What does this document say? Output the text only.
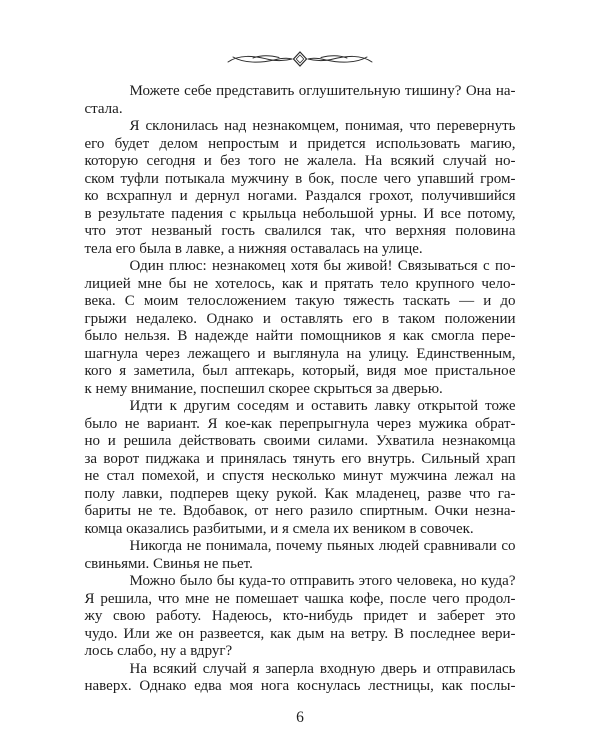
Можете себе представить оглушительную тишину? Она на-
стала.

Я склонилась над незнакомцем, понимая, что перевернуть
его будет делом непростым и придется использовать магию,
которую сегодня и без того не жалела. На всякий случай но-
ском туфли потыкала мужчину в бок, после чего упавший гром-
ко всхрапнул и дернул ногами. Раздался грохот, получившийся
в результате падения с крыльца небольшой урны. И все потому,
что этот незваный гость свалился так, что верхняя половина
тела его была в лавке, а нижняя оставалась на улице.

Один плюс: незнакомец хотя бы живой! Связываться с по-
лицией мне бы не хотелось, как и прятать тело крупного чело-
века. С моим телосложением такую тяжесть таскать — и до
грыжи недалеко. Однако и оставлять его в таком положении
было нельзя. В надежде найти помощников я как смогла пере-
шагнула через лежащего и выглянула на улицу. Единственным,
кого я заметила, был аптекарь, который, видя мое пристальное
к нему внимание, поспешил скорее скрыться за дверью.

Идти к другим соседям и оставить лавку открытой тоже
было не вариант. Я кое-как перепрыгнула через мужика обрат-
но и решила действовать своими силами. Ухватила незнакомца
за ворот пиджака и принялась тянуть его внутрь. Сильный храп
не стал помехой, и спустя несколько минут мужчина лежал на
полу лавки, подперев щеку рукой. Как младенец, разве что га-
бариты не те. Вдобавок, от него разило спиртным. Очки незна-
комца оказались разбитыми, и я смела их веником в совочек.

Никогда не понимала, почему пьяных людей сравнивали со
свиньями. Свинья не пьет.

Можно было бы куда-то отправить этого человека, но куда?
Я решила, что мне не помешает чашка кофе, после чего продол-
жу свою работу. Надеюсь, кто-нибудь придет и заберет это
чудо. Или же он развеется, как дым на ветру. В последнее вери-
лось слабо, ну а вдруг?

На всякий случай я заперла входную дверь и отправилась
наверх. Однако едва моя нога коснулась лестницы, как послы-

6
